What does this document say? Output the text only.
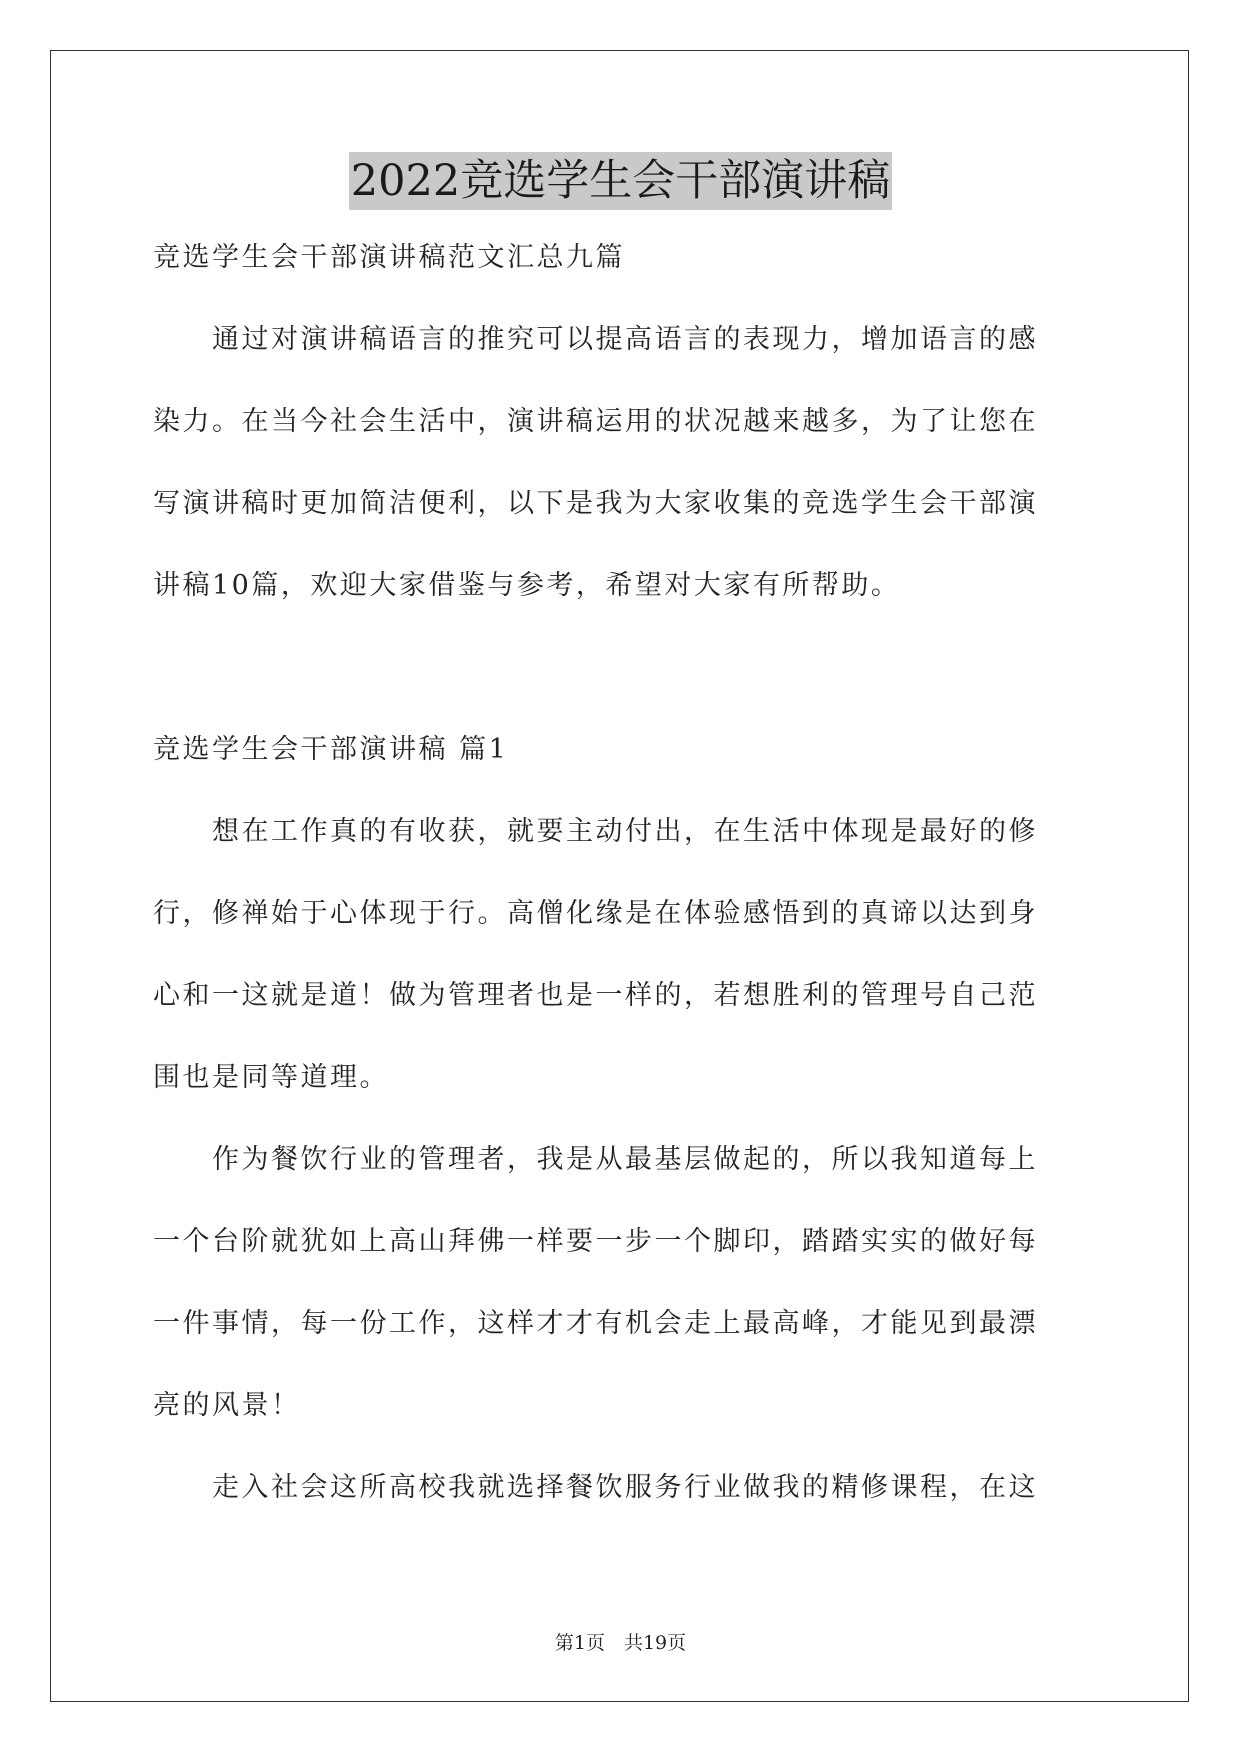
2022竞选学生会干部演讲稿
竞选学生会干部演讲稿范文汇总九篇
　　通过对演讲稿语言的推究可以提高语言的表现力，增加语言的感
染力。在当今社会生活中，演讲稿运用的状况越来越多，为了让您在
写演讲稿时更加简洁便利，以下是我为大家收集的竞选学生会干部演
讲稿10篇，欢迎大家借鉴与参考，希望对大家有所帮助。
竞选学生会干部演讲稿 篇1
　　想在工作真的有收获，就要主动付出，在生活中体现是最好的修
行，修禅始于心体现于行。高僧化缘是在体验感悟到的真谛以达到身
心和一这就是道！做为管理者也是一样的，若想胜利的管理号自己范
围也是同等道理。
　　作为餐饮行业的管理者，我是从最基层做起的，所以我知道每上
一个台阶就犹如上高山拜佛一样要一步一个脚印，踏踏实实的做好每
一件事情，每一份工作，这样才才有机会走上最高峰，才能见到最漂
亮的风景！
　　走入社会这所高校我就选择餐饮服务行业做我的精修课程，在这
第1页　共19页
